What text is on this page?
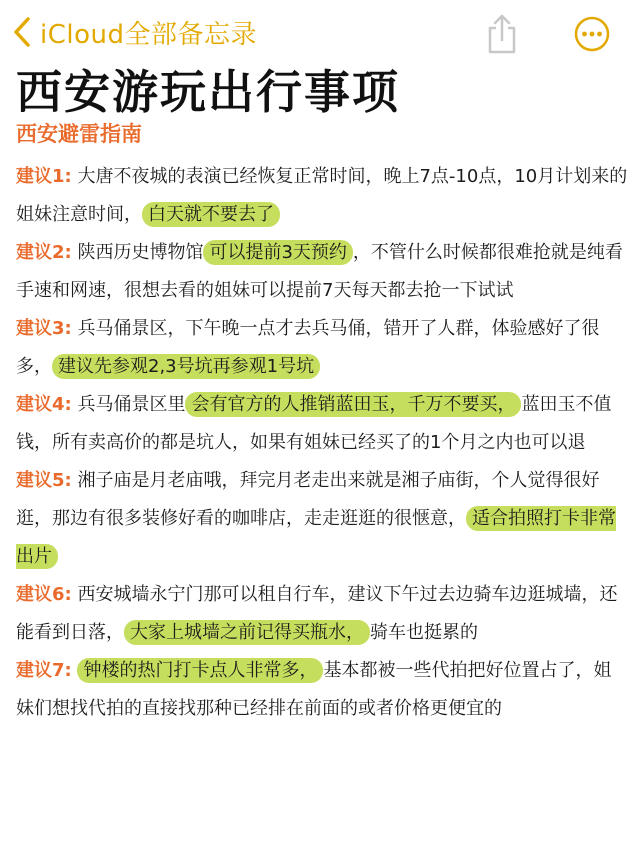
iCloud全部备忘录
西安游玩出行事项
西安避雷指南

建议1: 大唐不夜城的表演已经恢复正常时间，晚上7点-10点，10月计划来的姐妹注意时间， 白天就不要去了

建议2: 陕西历史博物馆 可以提前3天预约 ，不管什么时候都很难抢就是纯看手速和网速，很想去看的姐妹可以提前7天每天都去抢一下试试

建议3: 兵马俑景区，下午晚一点才去兵马俑，错开了人群，体验感好了很多， 建议先参观2,3号坑再参观1号坑

建议4: 兵马俑景区里 会有官方的人推销蓝田玉，千万不要买， 蓝田玉不值钱，所有卖高价的都是坑人，如果有姐妹已经买了的1个月之内也可以退

建议5: 湘子庙是月老庙哦，拜完月老走出来就是湘子庙街，个人觉得很好逛，那边有很多装修好看的咖啡店，走走逛逛的很惬意， 适合拍照打卡非常出片

建议6: 西安城墙永宁门那可以租自行车，建议下午过去边骑车边逛城墙，还能看到日落， 大家上城墙之前记得买瓶水， 骑车也挺累的

建议7: 钟楼的热门打卡点人非常多， 基本都被一些代拍把好位置占了，姐妹们想找代拍的直接找那种已经排在前面的或者价格更便宜的
